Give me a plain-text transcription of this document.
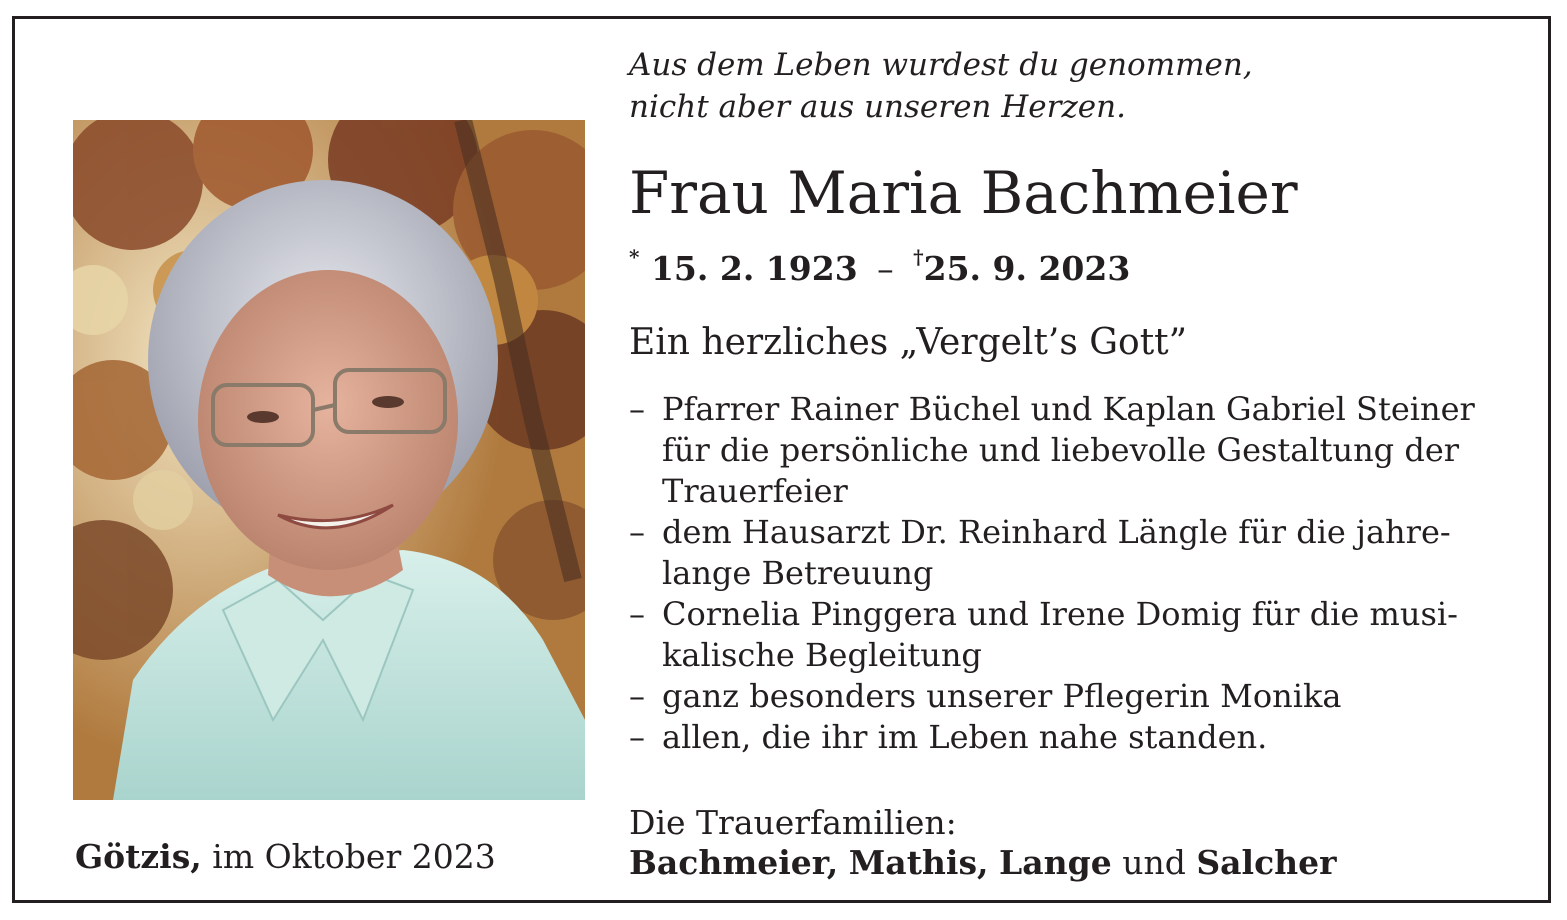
Aus dem Leben wurdest du genommen,
nicht aber aus unseren Herzen.
Frau Maria Bachmeier
* 15. 2. 1923 – †25. 9. 2023
Ein herzliches „Vergelt’s Gott”
– Pfarrer Rainer Büchel und Kaplan Gabriel Steiner
für die persönliche und liebevolle Gestaltung der
Trauerfeier
– dem Hausarzt Dr. Reinhard Längle für die jahre-
lange Betreuung
– Cornelia Pinggera und Irene Domig für die musi-
kalische Begleitung
– ganz besonders unserer Pflegerin Monika
– allen, die ihr im Leben nahe standen.
Götzis, im Oktober 2023
Die Trauerfamilien:
Bachmeier, Mathis, Lange und Salcher
